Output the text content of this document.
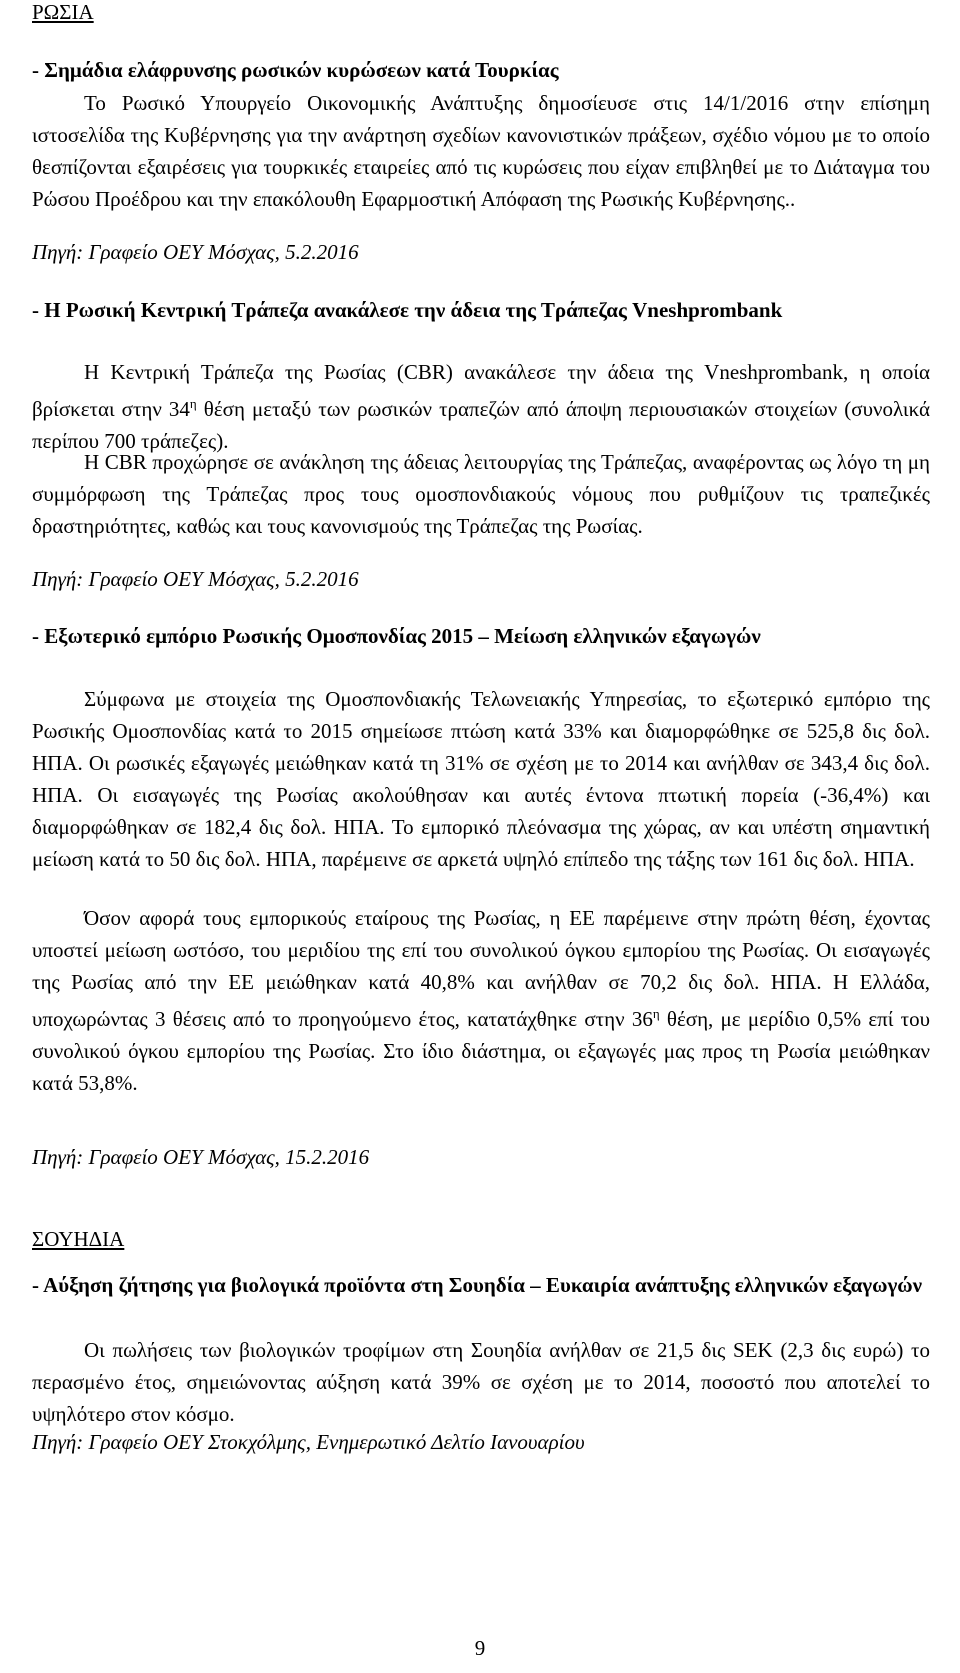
ΡΩΣΙΑ
- Σημάδια ελάφρυνσης ρωσικών κυρώσεων κατά Τουρκίας

Το Ρωσικό Υπουργείο Οικονομικής Ανάπτυξης δημοσίευσε στις 14/1/2016 στην επίσημη ιστοσελίδα της Κυβέρνησης για την ανάρτηση σχεδίων κανονιστικών πράξεων, σχέδιο νόμου με το οποίο θεσπίζονται εξαιρέσεις για τουρκικές εταιρείες από τις κυρώσεις που είχαν επιβληθεί με το Διάταγμα του Ρώσου Προέδρου και την επακόλουθη Εφαρμοστική Απόφαση της Ρωσικής Κυβέρνησης..

Πηγή: Γραφείο ΟΕΥ Μόσχας, 5.2.2016

- Η Ρωσική Κεντρική Τράπεζα ανακάλεσε την άδεια της Τράπεζας Vneshprombank

Η Κεντρική Τράπεζα της Ρωσίας (CBR) ανακάλεσε την άδεια της Vneshprombank, η οποία βρίσκεται στην $34^\eta$ θέση μεταξύ των ρωσικών τραπεζών από άποψη περιουσιακών στοιχείων (συνολικά περίπου 700 τράπεζες).

Η CBR προχώρησε σε ανάκληση της άδειας λειτουργίας της Τράπεζας, αναφέροντας ως λόγο τη μη συμμόρφωση της Τράπεζας προς τους ομοσπονδιακούς νόμους που ρυθμίζουν τις τραπεζικές δραστηριότητες, καθώς και τους κανονισμούς της Τράπεζας της Ρωσίας.

Πηγή: Γραφείο ΟΕΥ Μόσχας, 5.2.2016

- Εξωτερικό εμπόριο Ρωσικής Ομοσπονδίας 2015 – Μείωση ελληνικών εξαγωγών

Σύμφωνα με στοιχεία της Ομοσπονδιακής Τελωνειακής Υπηρεσίας, το εξωτερικό εμπόριο της Ρωσικής Ομοσπονδίας κατά το 2015 σημείωσε πτώση κατά 33% και διαμορφώθηκε σε 525,8 δις δολ. ΗΠΑ. Οι ρωσικές εξαγωγές μειώθηκαν κατά τη 31% σε σχέση με το 2014 και ανήλθαν σε 343,4 δις δολ. ΗΠΑ. Οι εισαγωγές της Ρωσίας ακολούθησαν και αυτές έντονα πτωτική πορεία (-36,4%) και διαμορφώθηκαν σε 182,4 δις δολ. ΗΠΑ. Το εμπορικό πλεόνασμα της χώρας, αν και υπέστη σημαντική μείωση κατά το 50 δις δολ. ΗΠΑ, παρέμεινε σε αρκετά υψηλό επίπεδο της τάξης των 161 δις δολ. ΗΠΑ.

Όσον αφορά τους εμπορικούς εταίρους της Ρωσίας, η ΕΕ παρέμεινε στην πρώτη θέση, έχοντας υποστεί μείωση ωστόσο, του μεριδίου της επί του συνολικού όγκου εμπορίου της Ρωσίας. Οι εισαγωγές της Ρωσίας από την ΕΕ μειώθηκαν κατά 40,8% και ανήλθαν σε 70,2 δις δολ. ΗΠΑ. Η Ελλάδα, υποχωρώντας 3 θέσεις από το προηγούμενο έτος, κατατάχθηκε στην $36^\eta$ θέση, με μερίδιο 0,5% επί του συνολικού όγκου εμπορίου της Ρωσίας. Στο ίδιο διάστημα, οι εξαγωγές μας προς τη Ρωσία μειώθηκαν κατά 53,8%.

Πηγή: Γραφείο ΟΕΥ Μόσχας, 15.2.2016

ΣΟΥΗΔΙΑ
- Αύξηση ζήτησης για βιολογικά προϊόντα στη Σουηδία – Ευκαιρία ανάπτυξης ελληνικών εξαγωγών

Οι πωλήσεις των βιολογικών τροφίμων στη Σουηδία ανήλθαν σε 21,5 δις SEK (2,3 δις ευρώ) το περασμένο έτος, σημειώνοντας αύξηση κατά 39% σε σχέση με το 2014, ποσοστό που αποτελεί το υψηλότερο στον κόσμο.

Πηγή: Γραφείο ΟΕΥ Στοκχόλμης, Ενημερωτικό Δελτίο Ιανουαρίου

9
